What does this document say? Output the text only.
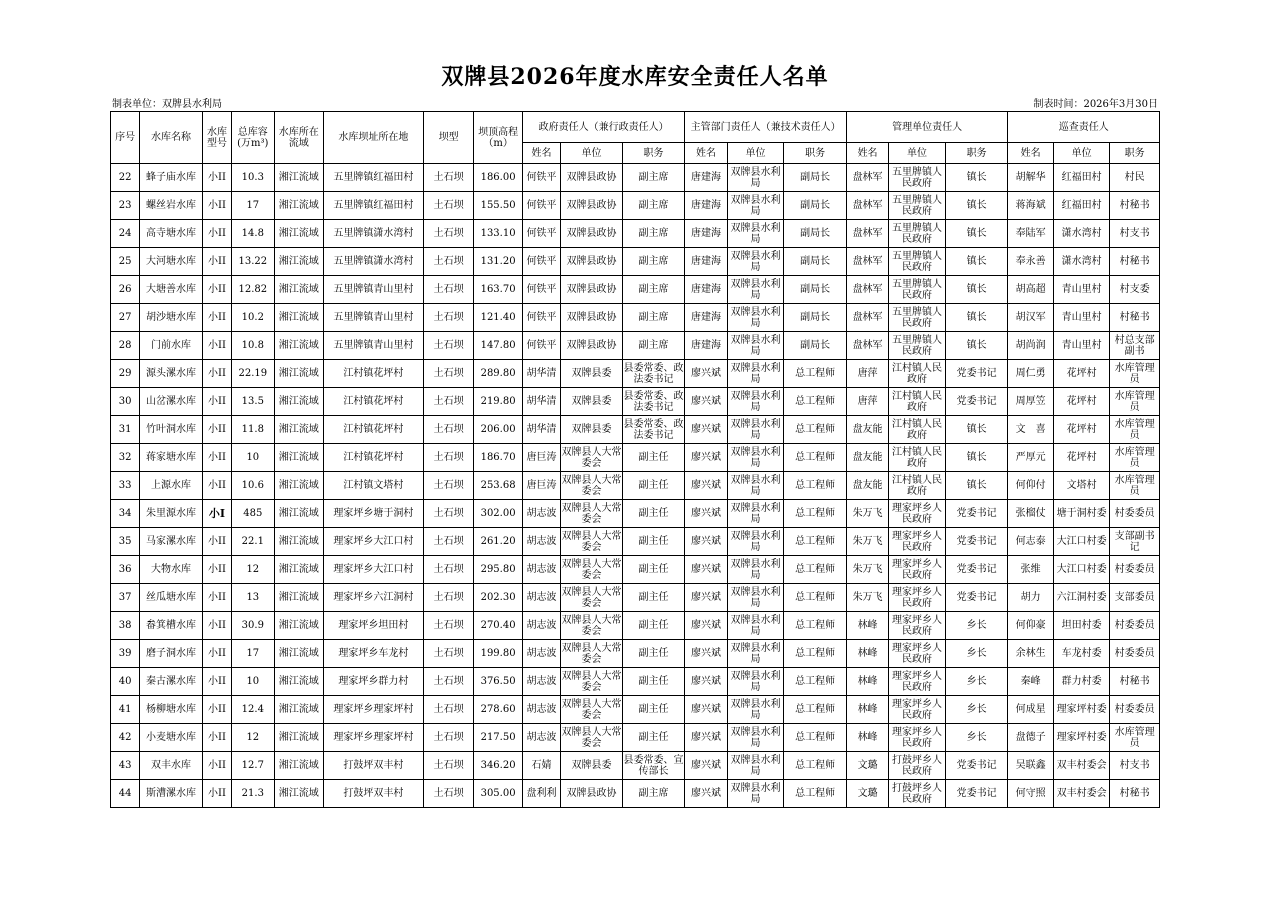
双牌县2026年度水库安全责任人名单
制表单位：双牌县水利局	制表时间：2026年3月30日
序号	水库名称	水库型号	总库容(万m³)	水库所在流域	水库坝址所在地	坝型	坝顶高程（m）	政府责任人（兼行政责任人）			主管部门责任人（兼技术责任人）			管理单位责任人			巡查责任人		
								姓名	单位	职务	姓名	单位	职务	姓名	单位	职务	姓名	单位	职务
22	蜂子庙水库	小II	10.3	湘江流域	五里牌镇红福田村	土石坝	186.00	何铁平	双牌县政协	副主席	唐建海	双牌县水利局	副局长	盘林军	五里牌镇人民政府	镇长	胡解华	红福田村	村民
23	螺丝岩水库	小II	17	湘江流域	五里牌镇红福田村	土石坝	155.50	何铁平	双牌县政协	副主席	唐建海	双牌县水利局	副局长	盘林军	五里牌镇人民政府	镇长	蒋海斌	红福田村	村秘书
24	高寺塘水库	小II	14.8	湘江流域	五里牌镇潇水湾村	土石坝	133.10	何铁平	双牌县政协	副主席	唐建海	双牌县水利局	副局长	盘林军	五里牌镇人民政府	镇长	奉陆军	潇水湾村	村支书
25	大河塘水库	小II	13.22	湘江流域	五里牌镇潇水湾村	土石坝	131.20	何铁平	双牌县政协	副主席	唐建海	双牌县水利局	副局长	盘林军	五里牌镇人民政府	镇长	奉永善	潇水湾村	村秘书
26	大塘善水库	小II	12.82	湘江流域	五里牌镇青山里村	土石坝	163.70	何铁平	双牌县政协	副主席	唐建海	双牌县水利局	副局长	盘林军	五里牌镇人民政府	镇长	胡高超	青山里村	村支委
27	胡沙塘水库	小II	10.2	湘江流域	五里牌镇青山里村	土石坝	121.40	何铁平	双牌县政协	副主席	唐建海	双牌县水利局	副局长	盘林军	五里牌镇人民政府	镇长	胡汉军	青山里村	村秘书
28	门前水库	小II	10.8	湘江流域	五里牌镇青山里村	土石坝	147.80	何铁平	双牌县政协	副主席	唐建海	双牌县水利局	副局长	盘林军	五里牌镇人民政府	镇长	胡尚润	青山里村	村总支部副书
29	源头漯水库	小II	22.19	湘江流域	江村镇花坪村	土石坝	289.80	胡华清	双牌县委	县委常委、政法委书记	廖兴斌	双牌县水利局	总工程师	唐萍	江村镇人民政府	党委书记	周仁勇	花坪村	水库管理员
30	山岔漯水库	小II	13.5	湘江流域	江村镇花坪村	土石坝	219.80	胡华清	双牌县委	县委常委、政法委书记	廖兴斌	双牌县水利局	总工程师	唐萍	江村镇人民政府	党委书记	周厚笠	花坪村	水库管理员
31	竹叶洞水库	小II	11.8	湘江流域	江村镇花坪村	土石坝	206.00	胡华清	双牌县委	县委常委、政法委书记	廖兴斌	双牌县水利局	总工程师	盘友能	江村镇人民政府	镇长	文　喜	花坪村	水库管理员
32	蒋家塘水库	小II	10	湘江流域	江村镇花坪村	土石坝	186.70	唐巨涛	双牌县人大常委会	副主任	廖兴斌	双牌县水利局	总工程师	盘友能	江村镇人民政府	镇长	严厚元	花坪村	水库管理员
33	上源水库	小II	10.6	湘江流域	江村镇文塔村	土石坝	253.68	唐巨涛	双牌县人大常委会	副主任	廖兴斌	双牌县水利局	总工程师	盘友能	江村镇人民政府	镇长	何仰付	文塔村	水库管理员
34	朱里源水库	小I	485	湘江流域	理家坪乡塘于洞村	土石坝	302.00	胡志波	双牌县人大常委会	副主任	廖兴斌	双牌县水利局	总工程师	朱万飞	理家坪乡人民政府	党委书记	张榴仗	塘于洞村委	村委委员
35	马家漯水库	小II	22.1	湘江流域	理家坪乡大江口村	土石坝	261.20	胡志波	双牌县人大常委会	副主任	廖兴斌	双牌县水利局	总工程师	朱万飞	理家坪乡人民政府	党委书记	何志泰	大江口村委	支部副书记
36	大物水库	小II	12	湘江流域	理家坪乡大江口村	土石坝	295.80	胡志波	双牌县人大常委会	副主任	廖兴斌	双牌县水利局	总工程师	朱万飞	理家坪乡人民政府	党委书记	张维	大江口村委	村委委员
37	丝瓜塘水库	小II	13	湘江流域	理家坪乡六江洞村	土石坝	202.30	胡志波	双牌县人大常委会	副主任	廖兴斌	双牌县水利局	总工程师	朱万飞	理家坪乡人民政府	党委书记	胡力	六江洞村委	支部委员
38	畚箕槽水库	小II	30.9	湘江流域	理家坪乡坦田村	土石坝	270.40	胡志波	双牌县人大常委会	副主任	廖兴斌	双牌县水利局	总工程师	林峰	理家坪乡人民政府	乡长	何仰豪	坦田村委	村委委员
39	磨子洞水库	小II	17	湘江流域	理家坪乡车龙村	土石坝	199.80	胡志波	双牌县人大常委会	副主任	廖兴斌	双牌县水利局	总工程师	林峰	理家坪乡人民政府	乡长	余林生	车龙村委	村委委员
40	秦古漯水库	小II	10	湘江流域	理家坪乡群力村	土石坝	376.50	胡志波	双牌县人大常委会	副主任	廖兴斌	双牌县水利局	总工程师	林峰	理家坪乡人民政府	乡长	秦峰	群力村委	村秘书
41	杨柳塘水库	小II	12.4	湘江流域	理家坪乡理家坪村	土石坝	278.60	胡志波	双牌县人大常委会	副主任	廖兴斌	双牌县水利局	总工程师	林峰	理家坪乡人民政府	乡长	何成星	理家坪村委	村委委员
42	小麦塘水库	小II	12	湘江流域	理家坪乡理家坪村	土石坝	217.50	胡志波	双牌县人大常委会	副主任	廖兴斌	双牌县水利局	总工程师	林峰	理家坪乡人民政府	乡长	盘德子	理家坪村委	水库管理员
43	双丰水库	小II	12.7	湘江流域	打鼓坪双丰村	土石坝	346.20	石婧	双牌县委	县委常委、宣传部长	廖兴斌	双牌县水利局	总工程师	文璐	打鼓坪乡人民政府	党委书记	吴联鑫	双丰村委会	村支书
44	斯漕漯水库	小II	21.3	湘江流域	打鼓坪双丰村	土石坝	305.00	盘利利	双牌县政协	副主席	廖兴斌	双牌县水利局	总工程师	文璐	打鼓坪乡人民政府	党委书记	何守照	双丰村委会	村秘书
